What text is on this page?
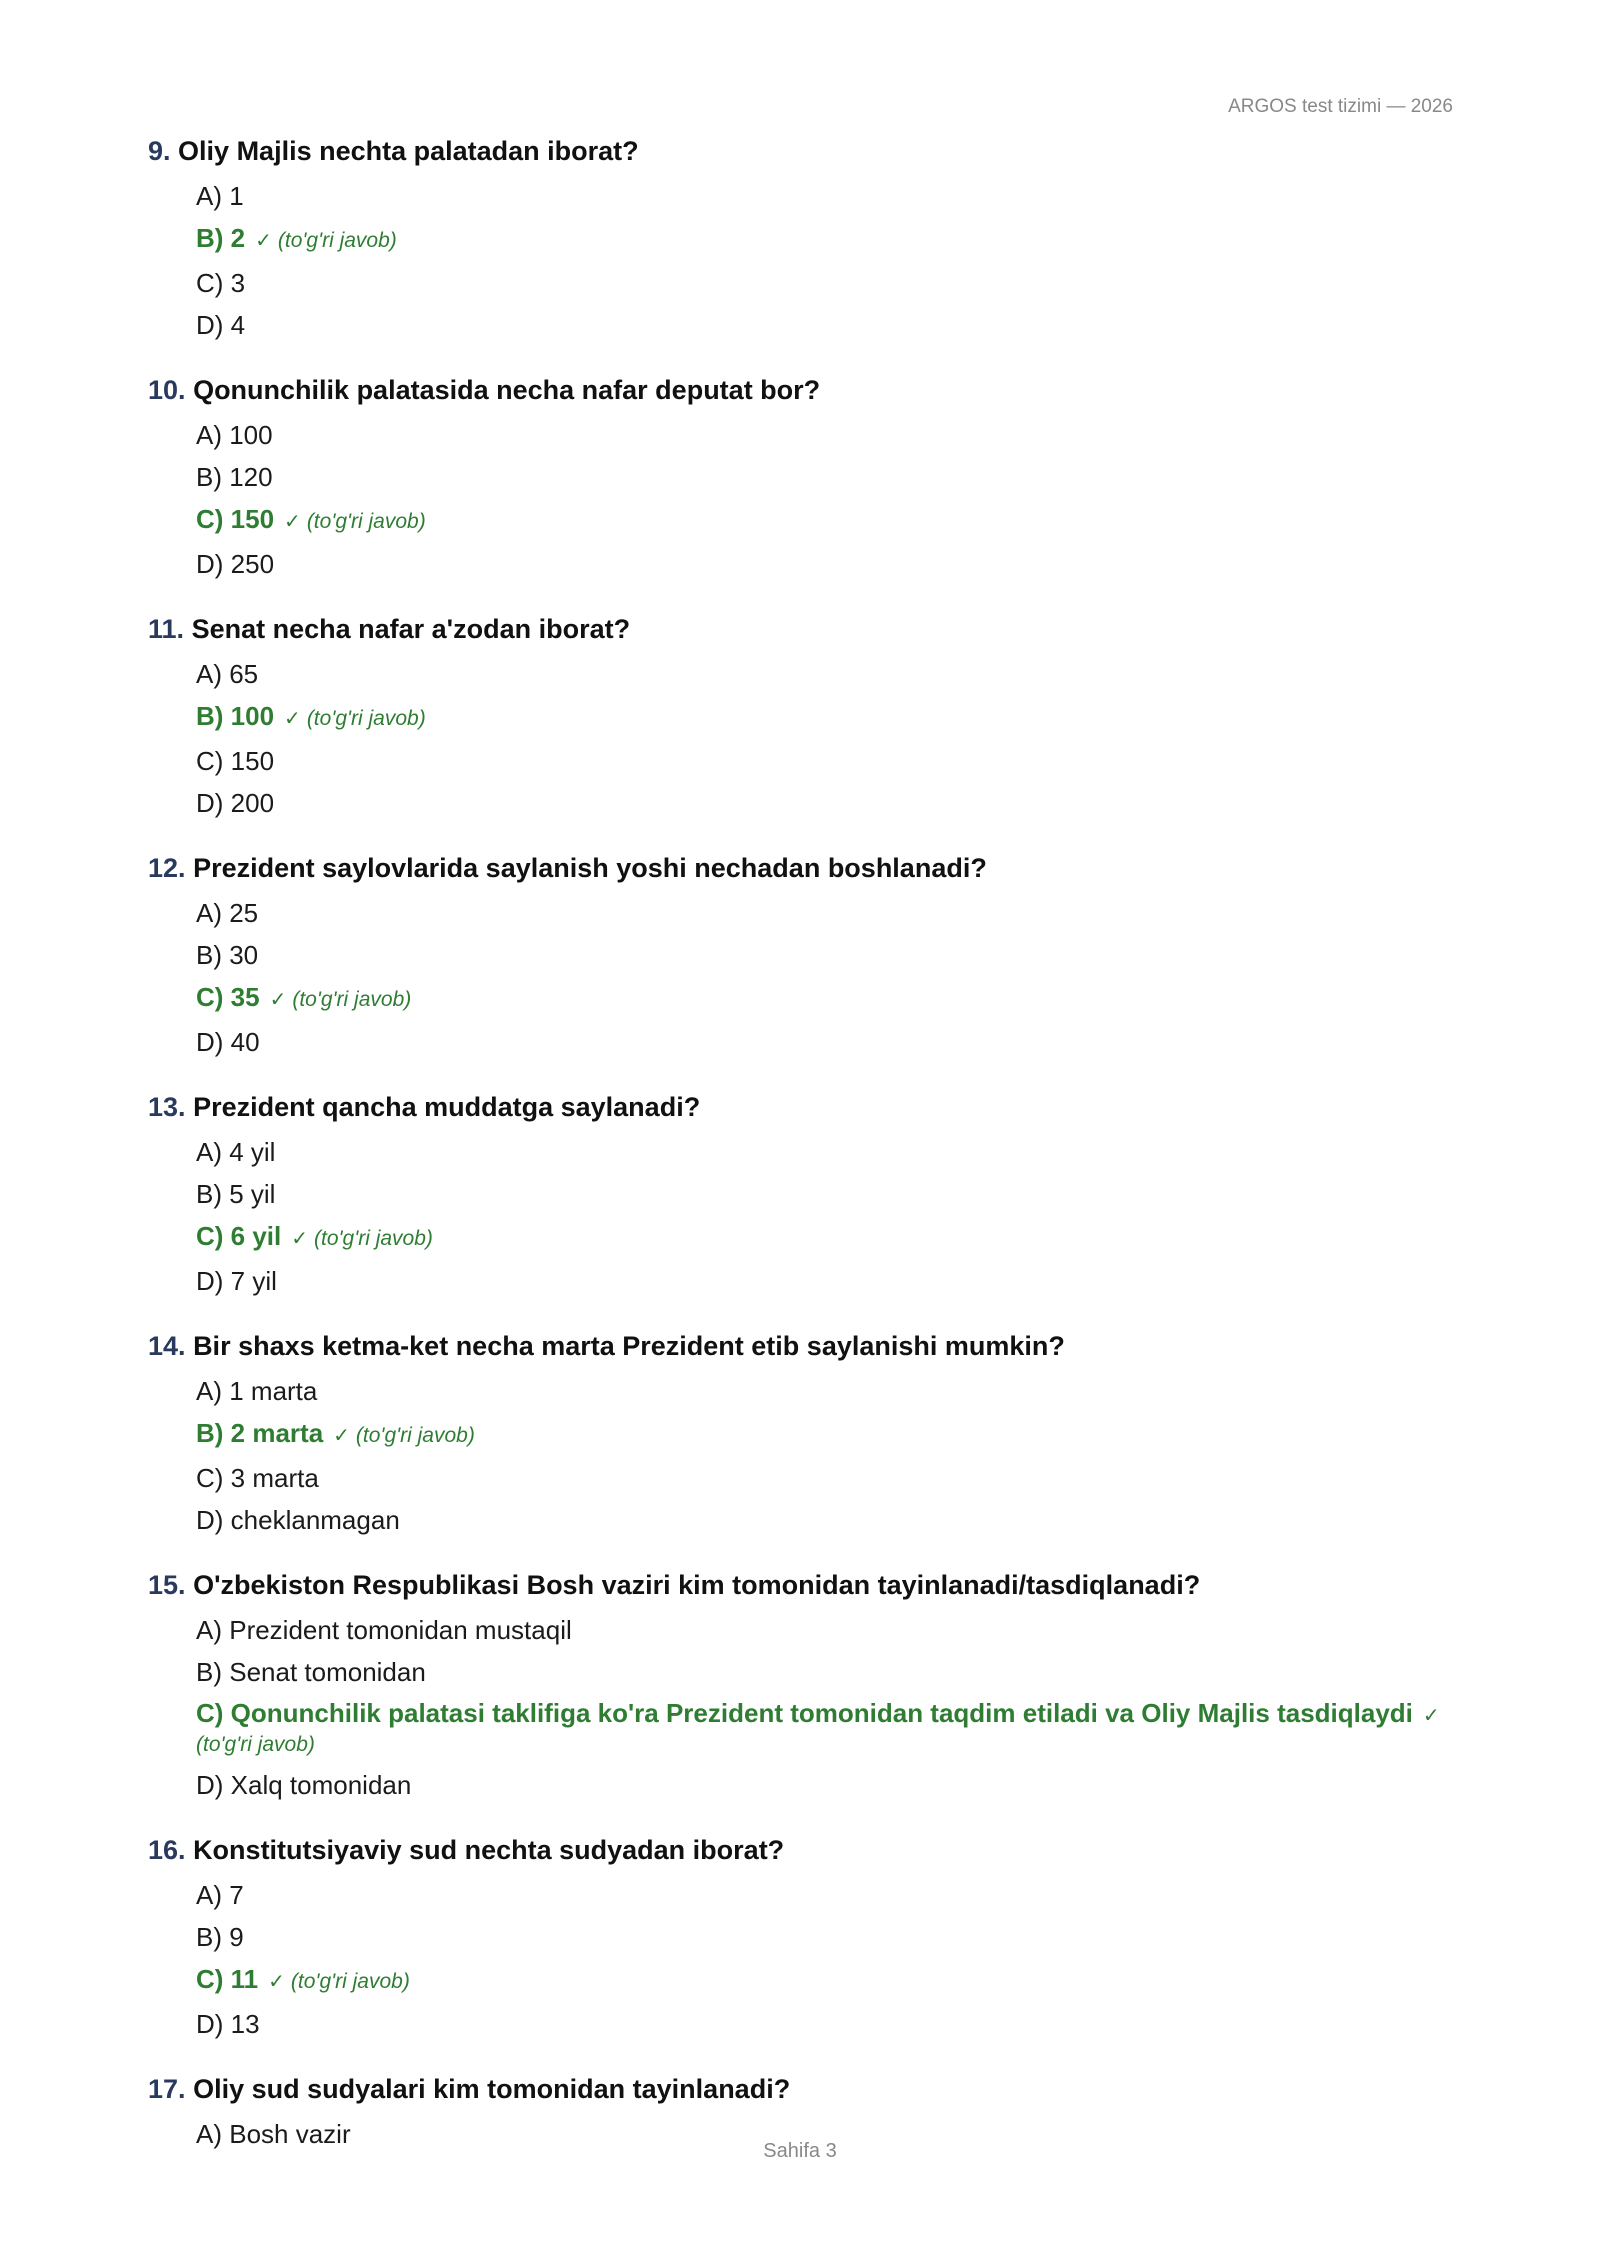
ARGOS test tizimi — 2026
9. Oliy Majlis nechta palatadan iborat?
A) 1
B) 2 ✓ (to'g'ri javob)
C) 3
D) 4
10. Qonunchilik palatasida necha nafar deputat bor?
A) 100
B) 120
C) 150 ✓ (to'g'ri javob)
D) 250
11. Senat necha nafar a'zodan iborat?
A) 65
B) 100 ✓ (to'g'ri javob)
C) 150
D) 200
12. Prezident saylovlarida saylanish yoshi nechadan boshlanadi?
A) 25
B) 30
C) 35 ✓ (to'g'ri javob)
D) 40
13. Prezident qancha muddatga saylanadi?
A) 4 yil
B) 5 yil
C) 6 yil ✓ (to'g'ri javob)
D) 7 yil
14. Bir shaxs ketma-ket necha marta Prezident etib saylanishi mumkin?
A) 1 marta
B) 2 marta ✓ (to'g'ri javob)
C) 3 marta
D) cheklanmagan
15. O'zbekiston Respublikasi Bosh vaziri kim tomonidan tayinlanadi/tasdiqlanadi?
A) Prezident tomonidan mustaqil
B) Senat tomonidan
C) Qonunchilik palatasi taklifiga ko'ra Prezident tomonidan taqdim etiladi va Oliy Majlis tasdiqlaydi ✓
(to'g'ri javob)
D) Xalq tomonidan
16. Konstitutsiyaviy sud nechta sudyadan iborat?
A) 7
B) 9
C) 11 ✓ (to'g'ri javob)
D) 13
17. Oliy sud sudyalari kim tomonidan tayinlanadi?
A) Bosh vazir
Sahifa 3
